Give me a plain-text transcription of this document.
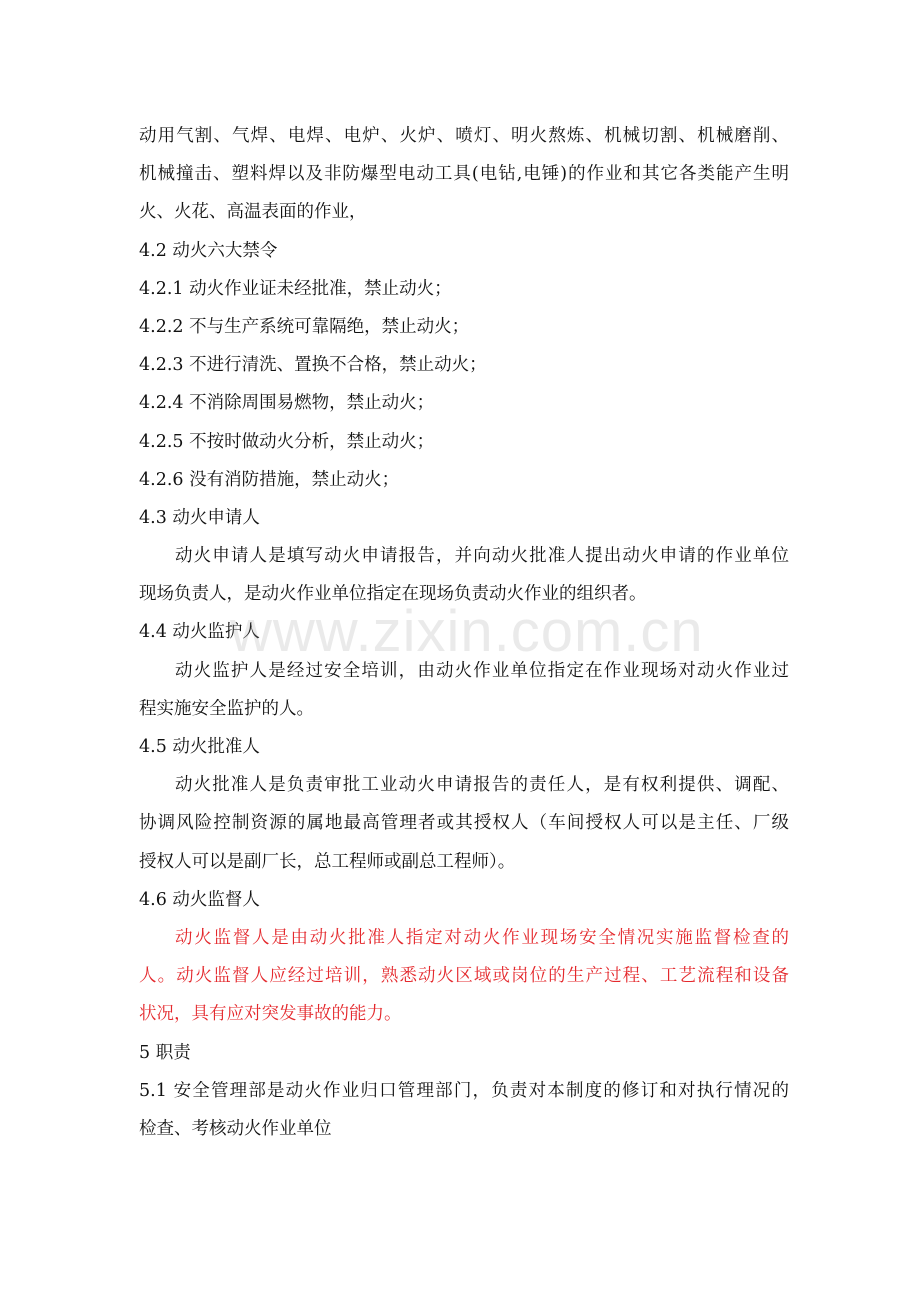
动用气割、气焊、电焊、电炉、火炉、喷灯、明火熬炼、机械切割、机械磨削、
机械撞击、塑料焊以及非防爆型电动工具(电钻,电锤)的作业和其它各类能产生明
火、火花、高温表面的作业，
4.2 动火六大禁令
4.2.1 动火作业证未经批准，禁止动火；
4.2.2 不与生产系统可靠隔绝，禁止动火；
4.2.3 不进行清洗、置换不合格，禁止动火；
4.2.4 不消除周围易燃物，禁止动火；
4.2.5 不按时做动火分析，禁止动火；
4.2.6 没有消防措施，禁止动火；
4.3 动火申请人
动火申请人是填写动火申请报告，并向动火批准人提出动火申请的作业单位
现场负责人，是动火作业单位指定在现场负责动火作业的组织者。
4.4 动火监护人
动火监护人是经过安全培训，由动火作业单位指定在作业现场对动火作业过
程实施安全监护的人。
4.5 动火批准人
动火批准人是负责审批工业动火申请报告的责任人，是有权利提供、调配、
协调风险控制资源的属地最高管理者或其授权人（车间授权人可以是主任、厂级
授权人可以是副厂长，总工程师或副总工程师）。
4.6 动火监督人
动火监督人是由动火批准人指定对动火作业现场安全情况实施监督检查的
人。动火监督人应经过培训，熟悉动火区域或岗位的生产过程、工艺流程和设备
状况，具有应对突发事故的能力。
5 职责
5.1 安全管理部是动火作业归口管理部门，负责对本制度的修订和对执行情况的
检查、考核动火作业单位
www.zixin.com.cn
